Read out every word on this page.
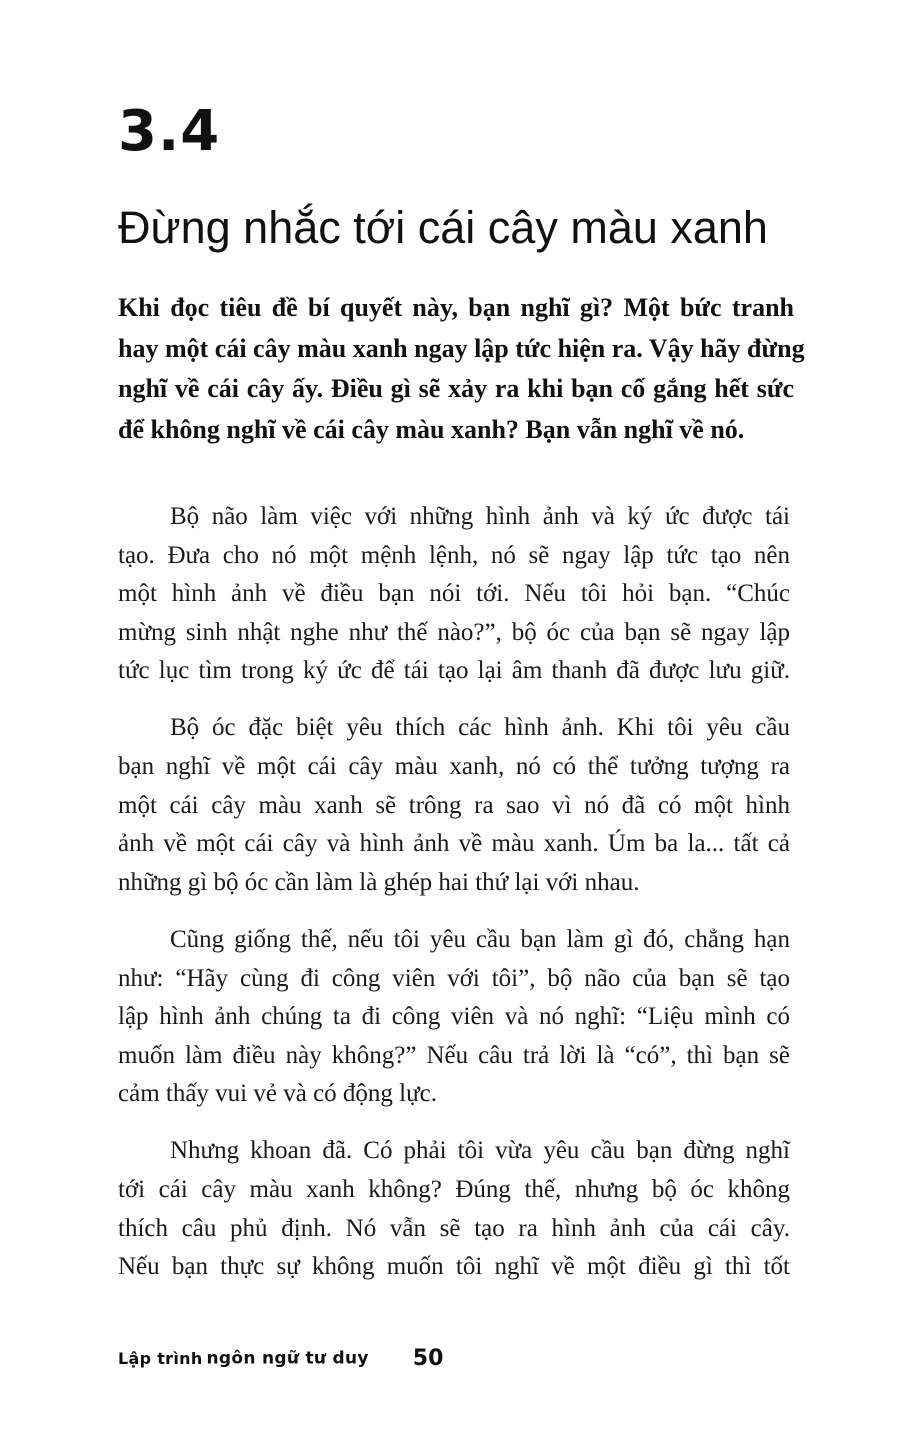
3.4
Đừng nhắc tới cái cây màu xanh
Khi đọc tiêu đề bí quyết này, bạn nghĩ gì? Một bức tranh
hay một cái cây màu xanh ngay lập tức hiện ra. Vậy hãy đừng
nghĩ về cái cây ấy. Điều gì sẽ xảy ra khi bạn cố gắng hết sức
để không nghĩ về cái cây màu xanh? Bạn vẫn nghĩ về nó.
Bộ não làm việc với những hình ảnh và ký ức được tái
tạo. Đưa cho nó một mệnh lệnh, nó sẽ ngay lập tức tạo nên
một hình ảnh về điều bạn nói tới. Nếu tôi hỏi bạn. “Chúc
mừng sinh nhật nghe như thế nào?”, bộ óc của bạn sẽ ngay lập
tức lục tìm trong ký ức để tái tạo lại âm thanh đã được lưu giữ.
Bộ óc đặc biệt yêu thích các hình ảnh. Khi tôi yêu cầu
bạn nghĩ về một cái cây màu xanh, nó có thể tưởng tượng ra
một cái cây màu xanh sẽ trông ra sao vì nó đã có một hình
ảnh về một cái cây và hình ảnh về màu xanh. Úm ba la... tất cả
những gì bộ óc cần làm là ghép hai thứ lại với nhau.
Cũng giống thế, nếu tôi yêu cầu bạn làm gì đó, chẳng hạn
như: “Hãy cùng đi công viên với tôi”, bộ não của bạn sẽ tạo
lập hình ảnh chúng ta đi công viên và nó nghĩ: “Liệu mình có
muốn làm điều này không?” Nếu câu trả lời là “có”, thì bạn sẽ
cảm thấy vui vẻ và có động lực.
Nhưng khoan đã. Có phải tôi vừa yêu cầu bạn đừng nghĩ
tới cái cây màu xanh không? Đúng thế, nhưng bộ óc không
thích câu phủ định. Nó vẫn sẽ tạo ra hình ảnh của cái cây.
Nếu bạn thực sự không muốn tôi nghĩ về một điều gì thì tốt
Lập trình ngôn ngữ tư duy 50
